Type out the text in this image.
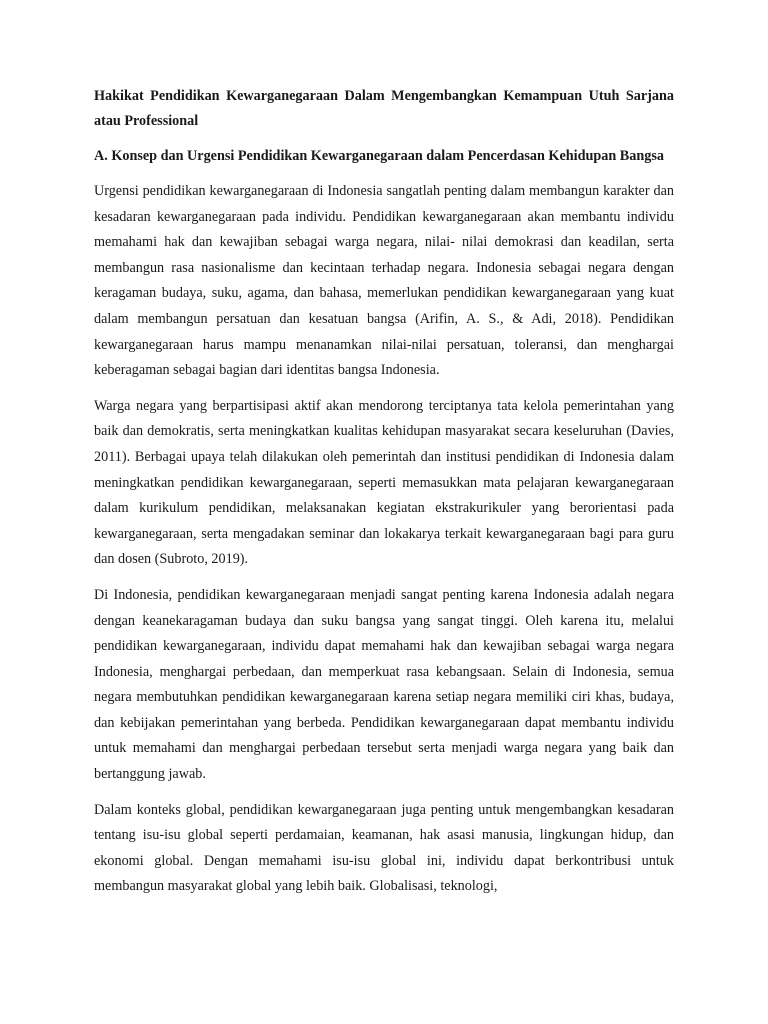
Hakikat Pendidikan Kewarganegaraan Dalam Mengembangkan Kemampuan Utuh Sarjana atau Professional

A. Konsep dan Urgensi Pendidikan Kewarganegaraan dalam Pencerdasan Kehidupan Bangsa

Urgensi pendidikan kewarganegaraan di Indonesia sangatlah penting dalam membangun karakter dan kesadaran kewarganegaraan pada individu. Pendidikan kewarganegaraan akan membantu individu memahami hak dan kewajiban sebagai warga negara, nilai- nilai demokrasi dan keadilan, serta membangun rasa nasionalisme dan kecintaan terhadap negara. Indonesia sebagai negara dengan keragaman budaya, suku, agama, dan bahasa, memerlukan pendidikan kewarganegaraan yang kuat dalam membangun persatuan dan kesatuan bangsa (Arifin, A. S., & Adi, 2018). Pendidikan kewarganegaraan harus mampu menanamkan nilai-nilai persatuan, toleransi, dan menghargai keberagaman sebagai bagian dari identitas bangsa Indonesia.

Warga negara yang berpartisipasi aktif akan mendorong terciptanya tata kelola pemerintahan yang baik dan demokratis, serta meningkatkan kualitas kehidupan masyarakat secara keseluruhan (Davies, 2011). Berbagai upaya telah dilakukan oleh pemerintah dan institusi pendidikan di Indonesia dalam meningkatkan pendidikan kewarganegaraan, seperti memasukkan mata pelajaran kewarganegaraan dalam kurikulum pendidikan, melaksanakan kegiatan ekstrakurikuler yang berorientasi pada kewarganegaraan, serta mengadakan seminar dan lokakarya terkait kewarganegaraan bagi para guru dan dosen (Subroto, 2019).

Di Indonesia, pendidikan kewarganegaraan menjadi sangat penting karena Indonesia adalah negara dengan keanekaragaman budaya dan suku bangsa yang sangat tinggi. Oleh karena itu, melalui pendidikan kewarganegaraan, individu dapat memahami hak dan kewajiban sebagai warga negara Indonesia, menghargai perbedaan, dan memperkuat rasa kebangsaan. Selain di Indonesia, semua negara membutuhkan pendidikan kewarganegaraan karena setiap negara memiliki ciri khas, budaya, dan kebijakan pemerintahan yang berbeda. Pendidikan kewarganegaraan dapat membantu individu untuk memahami dan menghargai perbedaan tersebut serta menjadi warga negara yang baik dan bertanggung jawab.

Dalam konteks global, pendidikan kewarganegaraan juga penting untuk mengembangkan kesadaran tentang isu-isu global seperti perdamaian, keamanan, hak asasi manusia, lingkungan hidup, dan ekonomi global. Dengan memahami isu-isu global ini, individu dapat berkontribusi untuk membangun masyarakat global yang lebih baik. Globalisasi, teknologi,
